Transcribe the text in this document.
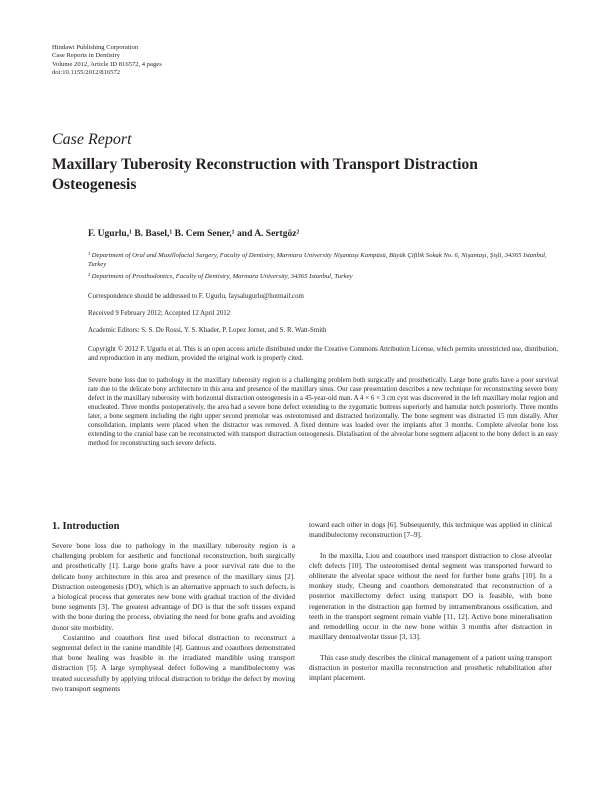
Hindawi Publishing Corporation
Case Reports in Dentistry
Volume 2012, Article ID 816572, 4 pages
doi:10.1155/2012/816572
Case Report
Maxillary Tuberosity Reconstruction with Transport Distraction Osteogenesis
F. Ugurlu,¹ B. Basel,¹ B. Cem Sener,¹ and A. Sertgöz²
¹ Department of Oral and Maxillofacial Surgery, Faculty of Dentistry, Marmara University Nişantaşı Kampüsü, Büyük Çiftlik Sokak No. 6, Nişantaşı, Şişli, 34365 Istanbul, Turkey
² Department of Prosthodontics, Faculty of Dentistry, Marmara University, 34365 Istanbul, Turkey
Correspondence should be addressed to F. Ugurlu, faysalugurlu@hotmail.com
Received 9 February 2012; Accepted 12 April 2012
Academic Editors: S. S. De Rossi, Y. S. Khader, P. Lopez Jornet, and S. R. Watt-Smith
Copyright © 2012 F. Ugurlu et al. This is an open access article distributed under the Creative Commons Attribution License, which permits unrestricted use, distribution, and reproduction in any medium, provided the original work is properly cited.
Severe bone loss due to pathology in the maxillary tuberosity region is a challenging problem both surgically and prosthetically. Large bone grafts have a poor survival rate due to the delicate bony architecture in this area and presence of the maxillary sinus. Our case presentation describes a new technique for reconstructing severe bony defect in the maxillary tuberosity with horizontal distraction osteogenesis in a 45-year-old man. A 4 × 6 × 3 cm cyst was discovered in the left maxillary molar region and enucleated. Three months postoperatively, the area had a severe bone defect extending to the zygomatic buttress superiorly and hamular notch posteriorly. Three months later, a bone segment including the right upper second premolar was osteotomised and distracted horizontally. The bone segment was distracted 15 mm distally. After consolidation, implants were placed when the distractor was removed. A fixed denture was loaded over the implants after 3 months. Complete alveolar bone loss extending to the cranial base can be reconstructed with transport distraction osteogenesis. Distalisation of the alveolar bone segment adjacent to the bony defect is an easy method for reconstructing such severe defects.
1. Introduction

Severe bone loss due to pathology in the maxillary tuberosity region is a challenging problem for aesthetic and functional reconstruction, both surgically and prosthetically [1]. Large bone grafts have a poor survival rate due to the delicate bony architecture in this area and presence of the maxillary sinus [2]. Distraction osteogenesis (DO), which is an alternative approach to such defects, is a biological process that generates new bone with gradual traction of the divided bone segments [3]. The greatest advantage of DO is that the soft tissues expand with the bone during the process, obviating the need for bone grafts and avoiding donor site morbidity.

Costantino and coauthors first used bifocal distraction to reconstruct a segmental defect in the canine mandible [4]. Gantous and coauthors demonstrated that bone healing was feasible in the irradiated mandible using transport distraction [5]. A large symphyseal defect following a mandibulectomy was treated successfully by applying trifocal distraction to bridge the defect by moving two transport segments

toward each other in dogs [6]. Subsequently, this technique was applied in clinical mandibulectomy reconstruction [7–9].

In the maxilla, Liou and coauthors used transport distraction to close alveolar cleft defects [10]. The osteotomised dental segment was transported forward to obliterate the alveolar space without the need for further bone grafts [10]. In a monkey study, Cheung and coauthors demonstrated that reconstruction of a posterior maxillectomy defect using transport DO is feasible, with bone regeneration in the distraction gap formed by intramembranous ossification, and teeth in the transport segment remain viable [11, 12]. Active bone mineralisation and remodelling occur in the new bone within 3 months after distraction in maxillary dentoalveolar tissue [3, 13].

This case study describes the clinical management of a patient using transport distraction in posterior maxilla reconstruction and prosthetic rehabilitation after implant placement.
